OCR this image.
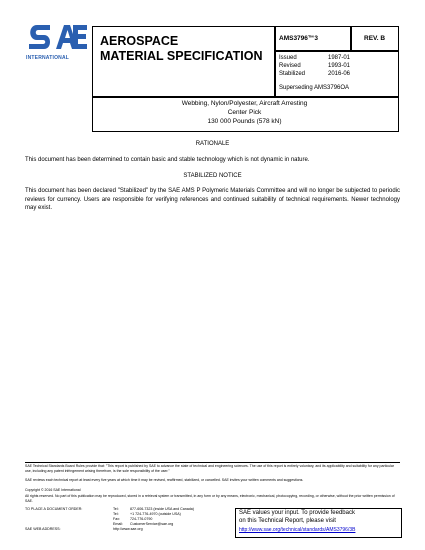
INTERNATIONAL
AEROSPACE
MATERIAL SPECIFICATION
AMS3796™3	REV. B
Issued	1987-01
Revised	1993-01
Stabilized	2016-06
Superseding AMS3796OA
Webbing, Nylon/Polyester, Aircraft Arresting
Center Pick
130 000 Pounds (578 kN)
RATIONALE
This document has been determined to contain basic and stable technology which is not dynamic in nature.
STABILIZED NOTICE
This document has been declared "Stabilized" by the SAE AMS P Polymeric Materials Committee and will no longer be subjected to periodic reviews for currency. Users are responsible for verifying references and continued suitability of technical requirements. Newer technology may exist.
SAE Technical Standards Board Rules provide that: "This report is published by SAE to advance the state of technical and engineering sciences. The use of this report is entirely voluntary, and its applicability and suitability for any particular use, including any patent infringement arising therefrom, is the sole responsibility of the user."
SAE reviews each technical report at least every five years at which time it may be revised, reaffirmed, stabilized, or cancelled. SAE invites your written comments and suggestions.
Copyright © 2016 SAE International
All rights reserved. No part of this publication may be reproduced, stored in a retrieval system or transmitted, in any form or by any means, electronic, mechanical, photocopying, recording, or otherwise, without the prior written permission of SAE.
TO PLACE A DOCUMENT ORDER:	Tel:	877-606-7323 (inside USA and Canada)
Tel:	+1 724-776-4970 (outside USA)
Fax:	724-776-0790
Email: CustomerService@sae.org
SAE WEB ADDRESS:	http://www.sae.org
SAE values your input. To provide feedback
on this Technical Report, please visit
http://www.sae.org/technical/standards/AMS3796/3B
